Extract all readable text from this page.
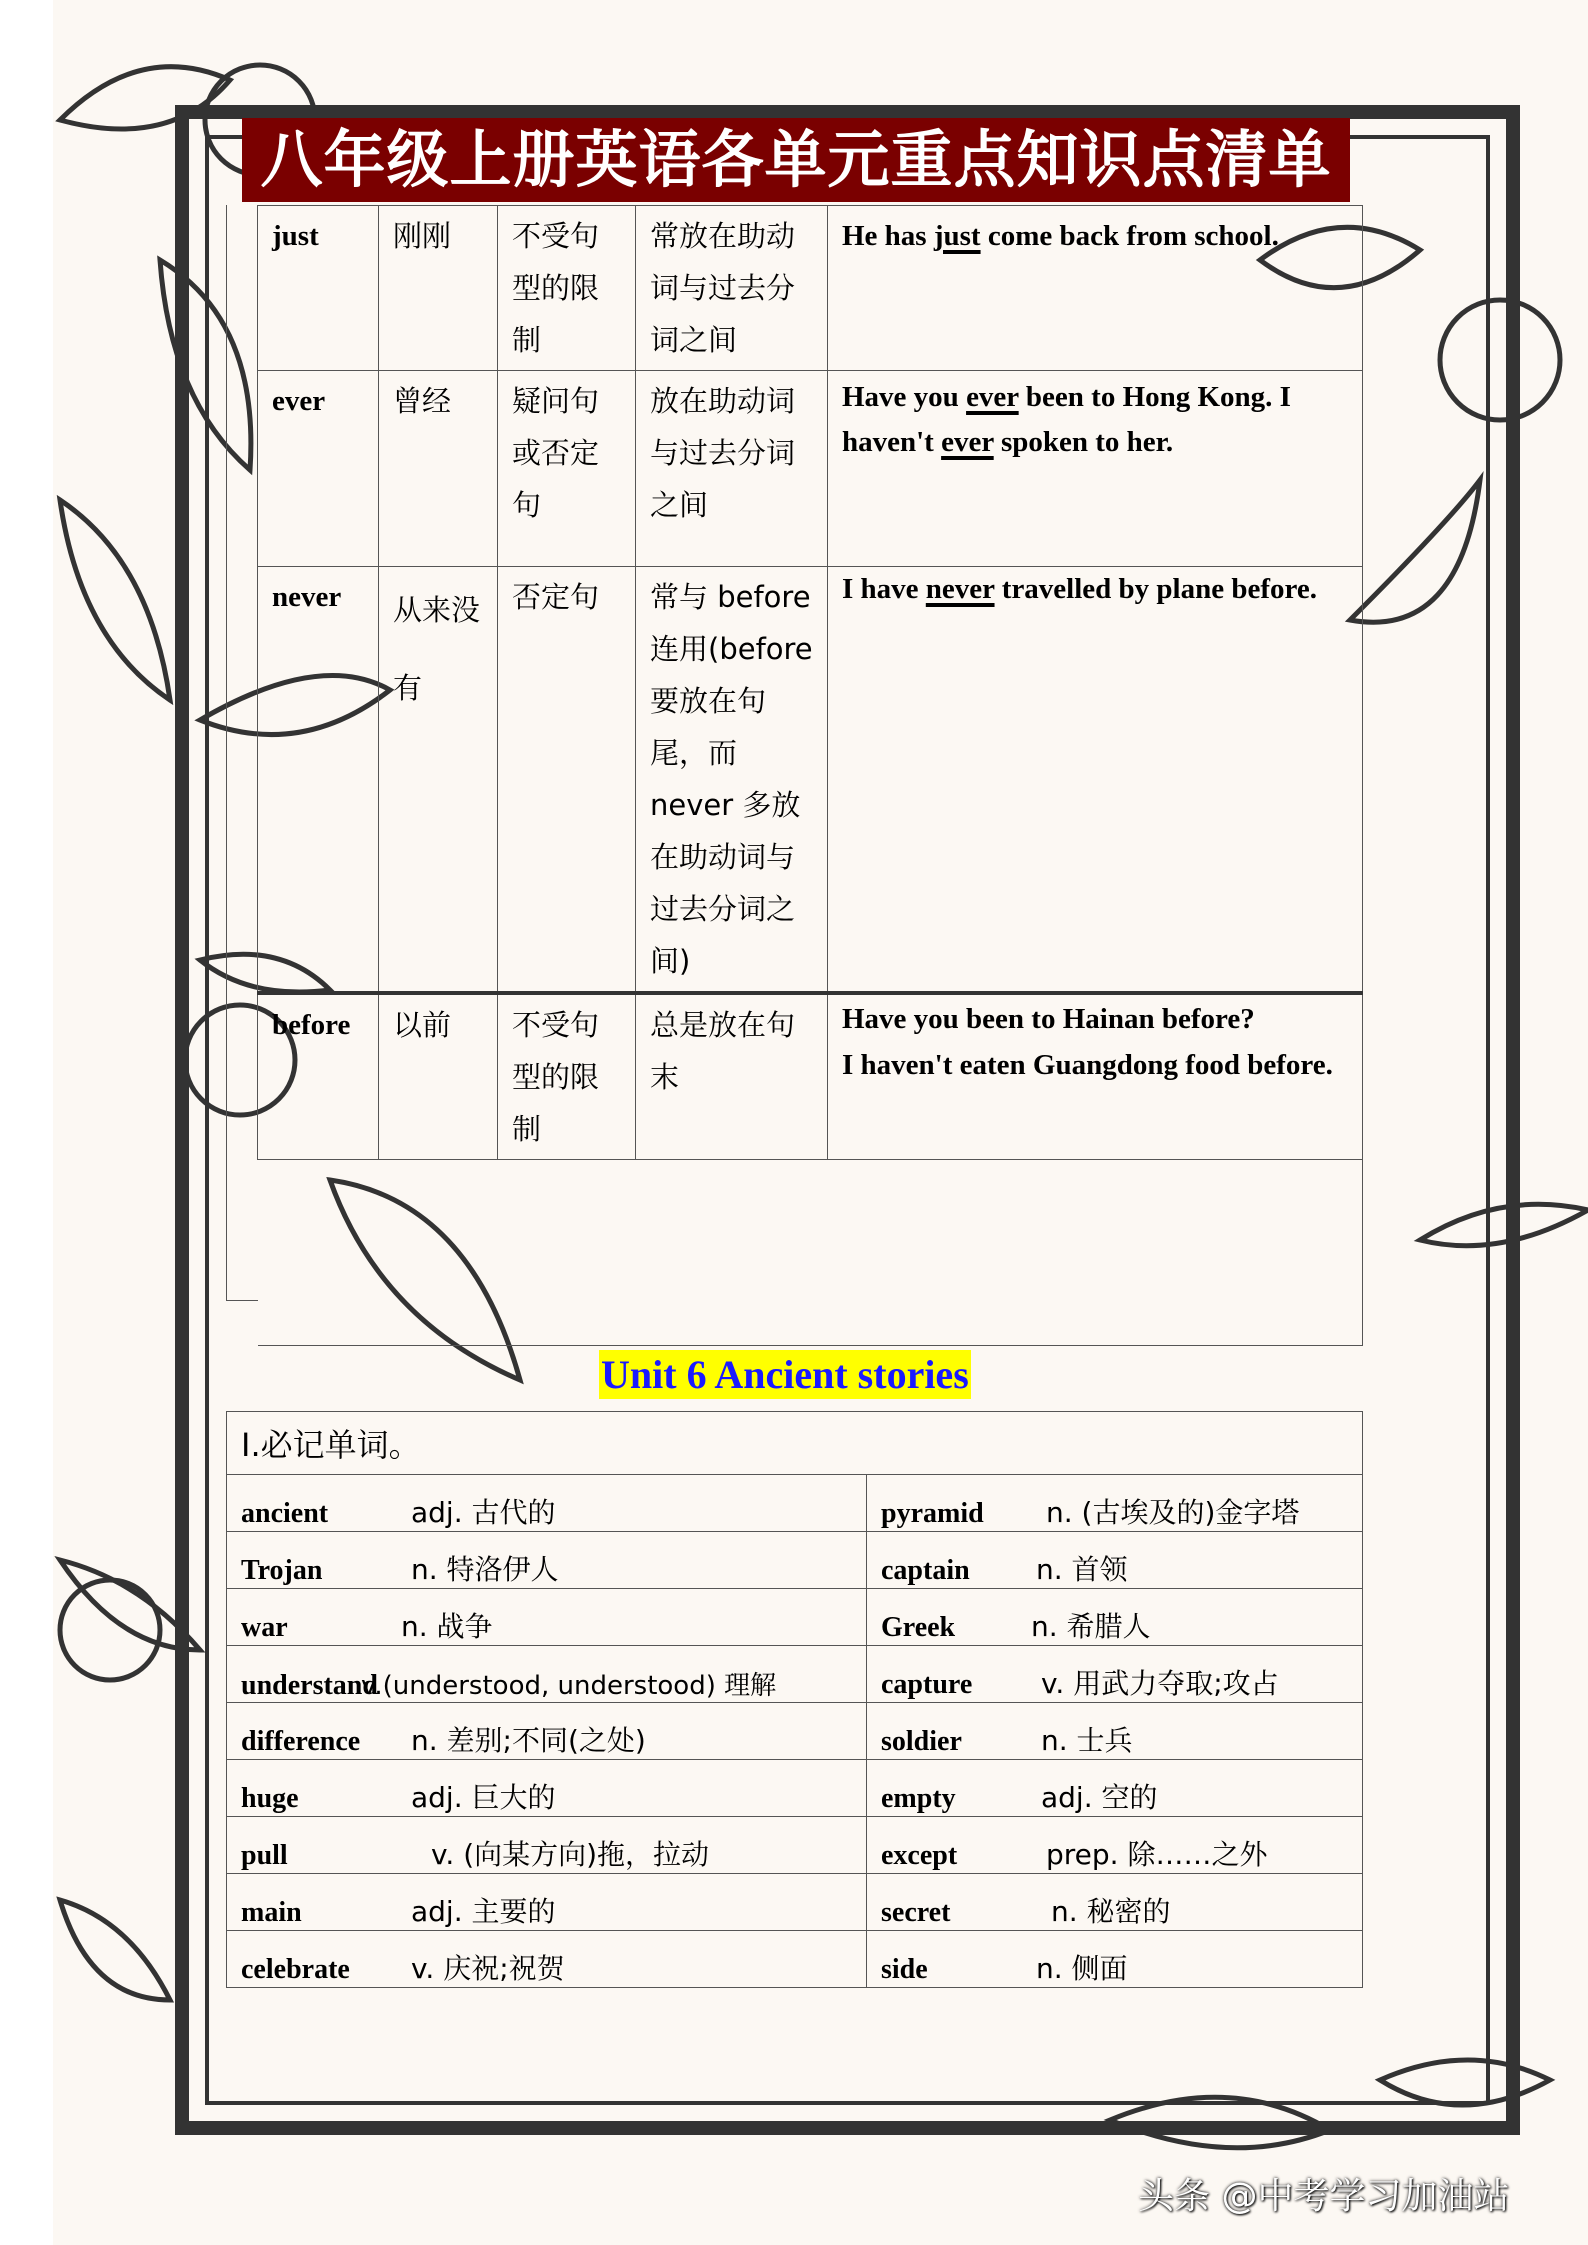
八年级上册英语各单元重点知识点清单
just	刚刚	不受句型的限制	常放在助动词与过去分词之间	He has just come back from school.
ever	曾经	疑问句或否定句	放在助动词与过去分词之间	Have you ever been to Hong Kong. I haven't ever spoken to her.
never	从来没有	否定句	常与 before 连用(before 要放在句尾，而 never 多放在助动词与过去分词之间)	I have never travelled by plane before.
before	以前	不受句型的限制	总是放在句末	Have you been to Hainan before?
I haven't eaten Guangdong food before.

Unit 6 Ancient stories
I.必记单词。	
ancient adj. 古代的	pyramid n. (古埃及的)金字塔
Trojan n. 特洛伊人	captain n. 首领
war n. 战争	Greek n. 希腊人
understandv.(understood, understood) 理解	capture v. 用武力夺取;攻占
difference n. 差别;不同(之处)	soldier n. 士兵
huge adj. 巨大的	empty adj. 空的
pull v. (向某方向)拖，拉动	except prep. 除……之外
main adj. 主要的	secret n. 秘密的
celebrate v. 庆祝;祝贺	side n. 侧面
头条 @中考学习加油站
